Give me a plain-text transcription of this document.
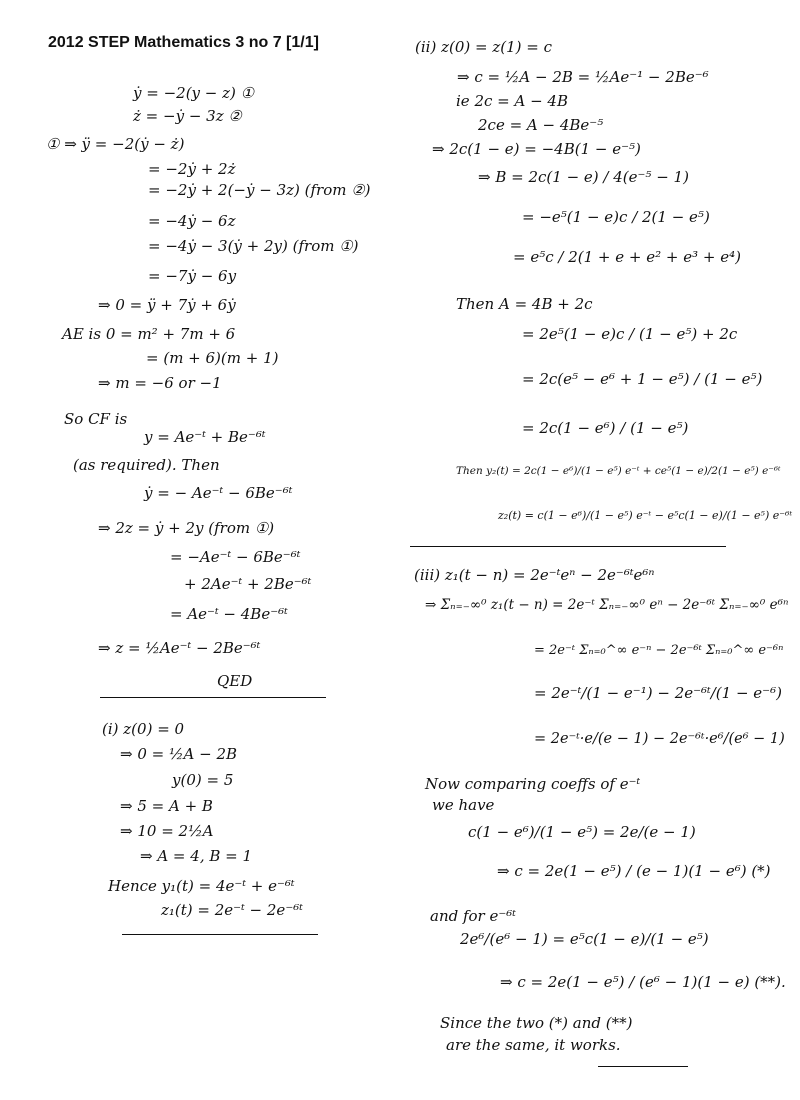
2012 STEP Mathematics 3 no 7 [1/1]
ẏ = −2(y − z) ①
ż = −ẏ − 3z ②
① ⇒ ÿ = −2(ẏ − ż)
= −2ẏ + 2ż
= −2ẏ + 2(−ẏ − 3z) (from ②)
= −4ẏ − 6z
= −4ẏ − 3(ẏ + 2y) (from ①)
= −7ẏ − 6y
⇒ 0 = ÿ + 7ẏ + 6ẏ
AE is 0 = m² + 7m + 6
= (m + 6)(m + 1)
⇒ m = −6 or −1
So CF is
y = Ae⁻ᵗ + Be⁻⁶ᵗ
(as required). Then
ẏ = − Ae⁻ᵗ − 6Be⁻⁶ᵗ
⇒ 2z = ẏ + 2y (from ①)
= −Ae⁻ᵗ − 6Be⁻⁶ᵗ
+ 2Ae⁻ᵗ + 2Be⁻⁶ᵗ
= Ae⁻ᵗ − 4Be⁻⁶ᵗ
⇒ z = ½Ae⁻ᵗ − 2Be⁻⁶ᵗ
QED
(i) z(0) = 0
⇒ 0 = ½A − 2B
y(0) = 5
⇒ 5 = A + B
⇒ 10 = 2½A
⇒ A = 4, B = 1
Hence y₁(t) = 4e⁻ᵗ + e⁻⁶ᵗ
z₁(t) = 2e⁻ᵗ − 2e⁻⁶ᵗ
(ii) z(0) = z(1) = c
⇒ c = ½A − 2B = ½Ae⁻¹ − 2Be⁻⁶
ie 2c = A − 4B
2ce = A − 4Be⁻⁵
⇒ 2c(1 − e) = −4B(1 − e⁻⁵)
⇒ B = 2c(1 − e) / 4(e⁻⁵ − 1)
= −e⁵(1 − e)c / 2(1 − e⁵)
= e⁵c / 2(1 + e + e² + e³ + e⁴)
Then A = 4B + 2c
= 2e⁵(1 − e)c / (1 − e⁵) + 2c
= 2c(e⁵ − e⁶ + 1 − e⁵) / (1 − e⁵)
= 2c(1 − e⁶) / (1 − e⁵)
Then y₂(t) = 2c(1 − e⁶)/(1 − e⁵) e⁻ᵗ + ce⁵(1 − e)/2(1 − e⁵) e⁻⁶ᵗ
z₂(t) = c(1 − e⁶)/(1 − e⁵) e⁻ᵗ − e⁵c(1 − e)/(1 − e⁵) e⁻⁶ᵗ
(iii) z₁(t − n) = 2e⁻ᵗeⁿ − 2e⁻⁶ᵗe⁶ⁿ
⇒ Σₙ₌₋∞⁰ z₁(t − n) = 2e⁻ᵗ Σₙ₌₋∞⁰ eⁿ − 2e⁻⁶ᵗ Σₙ₌₋∞⁰ e⁶ⁿ
= 2e⁻ᵗ Σₙ₌₀^∞ e⁻ⁿ − 2e⁻⁶ᵗ Σₙ₌₀^∞ e⁻⁶ⁿ
= 2e⁻ᵗ/(1 − e⁻¹) − 2e⁻⁶ᵗ/(1 − e⁻⁶)
= 2e⁻ᵗ·e/(e − 1) − 2e⁻⁶ᵗ·e⁶/(e⁶ − 1)
Now comparing coeffs of e⁻ᵗ
we have
c(1 − e⁶)/(1 − e⁵) = 2e/(e − 1)
⇒ c = 2e(1 − e⁵) / (e − 1)(1 − e⁶) (*)
and for e⁻⁶ᵗ
2e⁶/(e⁶ − 1) = e⁵c(1 − e)/(1 − e⁵)
⇒ c = 2e(1 − e⁵) / (e⁶ − 1)(1 − e) (**).
Since the two (*) and (**)
are the same, it works.
